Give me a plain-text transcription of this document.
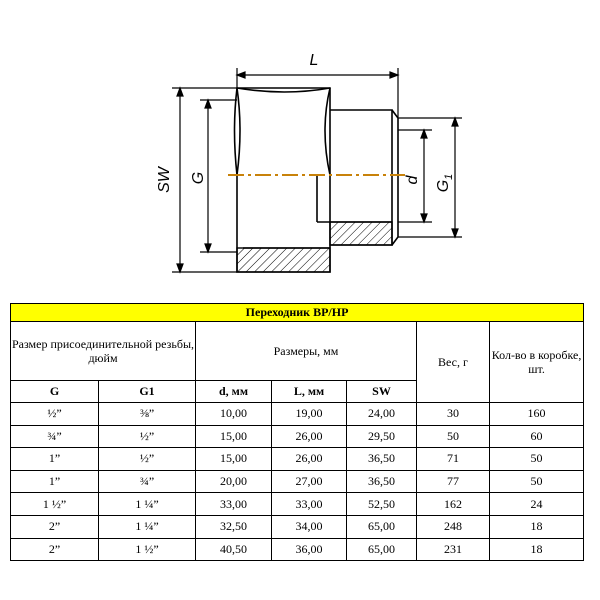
L
SW G	d $G_1$
Переходник ВР/НР						
Размер присоединительной резьбы, дюйм		Размеры, мм			Вес, г	Кол-во в коробке, шт.
G	G1	d, мм	L, мм	SW		
½”	⅜”	10,00	19,00	24,00	30	160
¾”	½”	15,00	26,00	29,50	50	60
1”	½”	15,00	26,00	36,50	71	50
1”	¾”	20,00	27,00	36,50	77	50
1 ½”	1 ¼”	33,00	33,00	52,50	162	24
2”	1 ¼”	32,50	34,00	65,00	248	18
2”	1 ½”	40,50	36,00	65,00	231	18
